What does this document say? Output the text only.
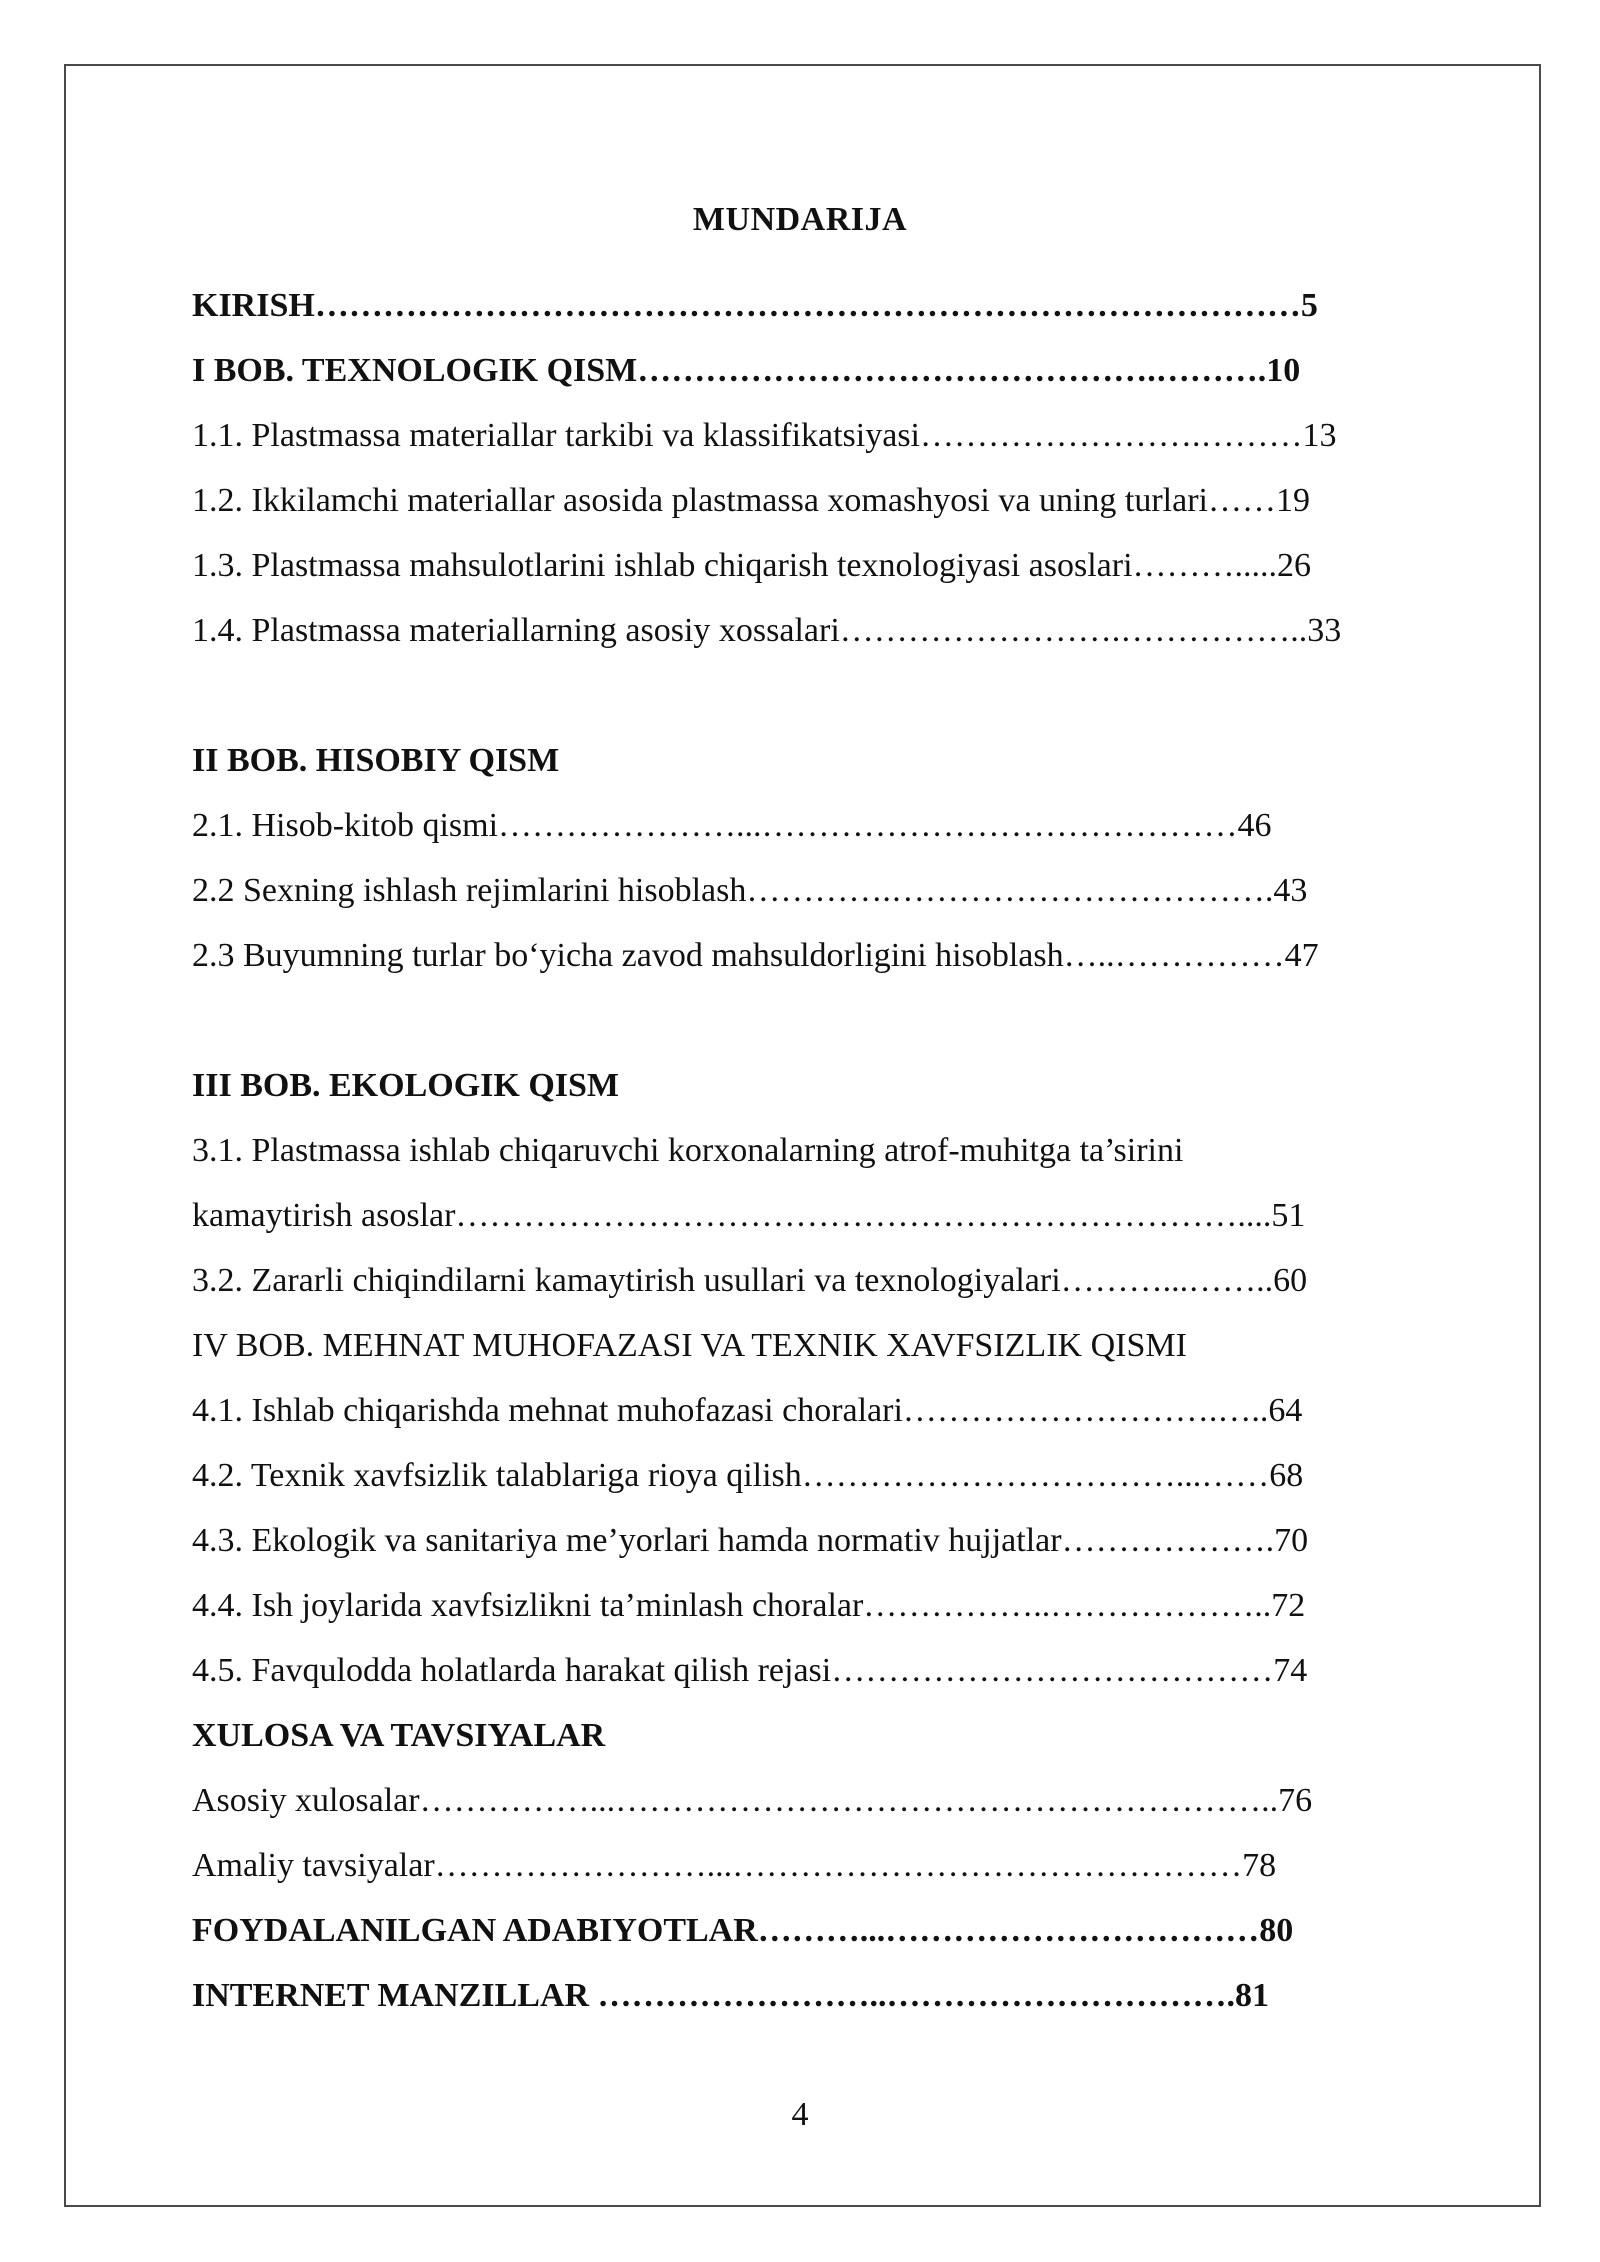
MUNDARIJA
KIRISH……………………………………………………………………………5
I BOB. TEXNOLOGIK QISM……………………………………….……….10
1.1. Plastmassa materiallar tarkibi va klassifikatsiyasi…………………….………13
1.2. Ikkilamchi materiallar asosida plastmassa xomashyosi va uning turlari……19
1.3. Plastmassa mahsulotlarini ishlab chiqarish texnologiyasi asoslari……….....26
1.4. Plastmassa materiallarning asosiy xossalari…………………….……………..33
II BOB. HISOBIY QISM
2.1. Hisob-kitob qismi…………………...……………………………………46
2.2 Sexning ishlash rejimlarini hisoblash………….…………………………….43
2.3 Buyumning turlar bo‘yicha zavod mahsuldorligini hisoblash…..……………47
III BOB. EKOLOGIK QISM
3.1. Plastmassa ishlab chiqaruvchi korxonalarning atrof-muhitga ta’sirini
kamaytirish asoslar……………………………………………………………....51
3.2. Zararli chiqindilarni kamaytirish usullari va texnologiyalari………...……..60
IV BOB. MEHNAT MUHOFAZASI VA TEXNIK XAVFSIZLIK QISMI
4.1. Ishlab chiqarishda mehnat muhofazasi choralari……………………….…..64
4.2. Texnik xavfsizlik talablariga rioya qilish……………………………...……68
4.3. Ekologik va sanitariya me’yorlari hamda normativ hujjatlar……………….70
4.4. Ish joylarida xavfsizlikni ta’minlash choralar……………..………………..72
4.5. Favqulodda holatlarda harakat qilish rejasi…………………………………74
XULOSA VA TAVSIYALAR
Asosiy xulosalar……………...…………………………………………………..76
Amaliy tavsiyalar……………………...………………………………………78
FOYDALANILGAN ADABIYOTLAR………...……………………………80
INTERNET MANZILLAR ……………………..………………………….81
4
